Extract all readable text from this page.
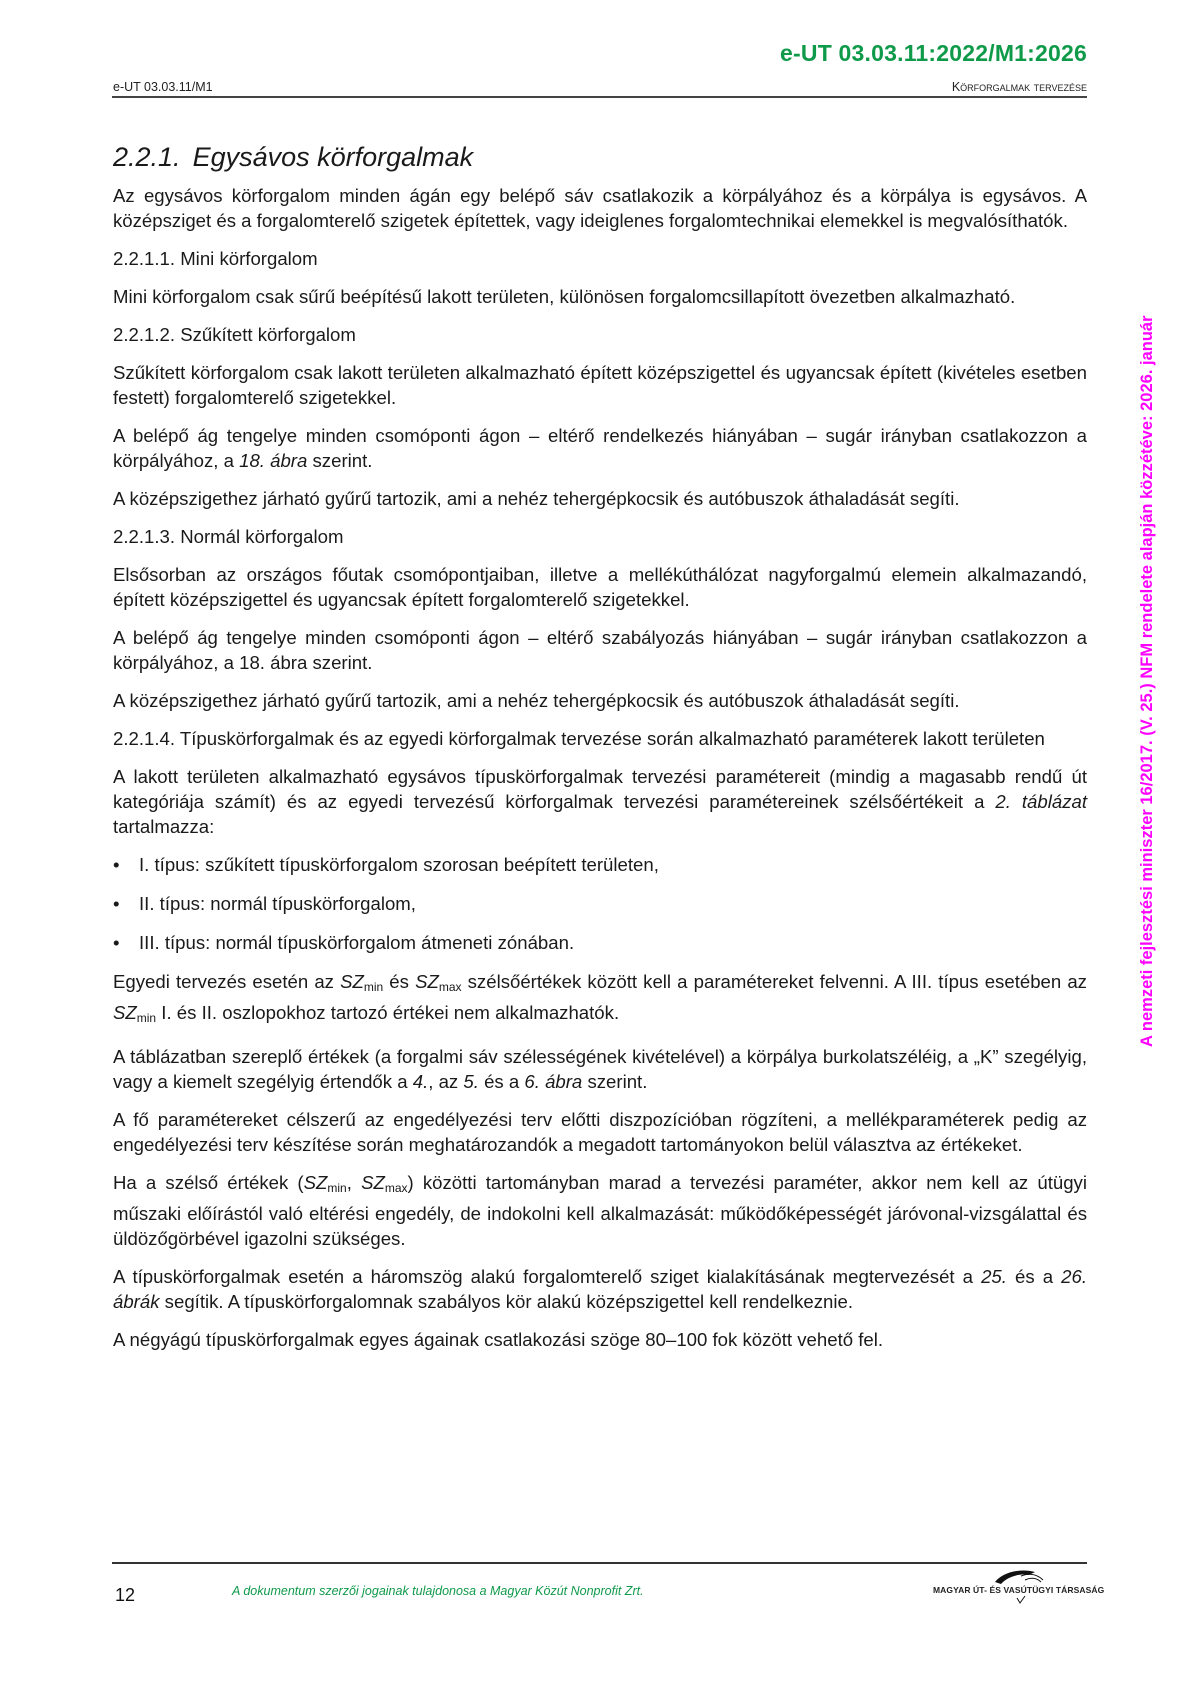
e-UT 03.03.11:2022/M1:2026
e-UT 03.03.11/M1	Körforgalmak tervezése
2.2.1. Egysávos körforgalmak

Az egysávos körforgalom minden ágán egy belépő sáv csatlakozik a körpályához és a körpálya is egysávos. A középsziget és a forgalomterelő szigetek építettek, vagy ideiglenes forgalomtechnikai elemekkel is megvalósíthatók.

2.2.1.1. Mini körforgalom

Mini körforgalom csak sűrű beépítésű lakott területen, különösen forgalomcsillapított övezetben alkalmazható.

2.2.1.2. Szűkített körforgalom

Szűkített körforgalom csak lakott területen alkalmazható épített középszigettel és ugyancsak épített (kivételes esetben festett) forgalomterelő szigetekkel.

A belépő ág tengelye minden csomóponti ágon – eltérő rendelkezés hiányában – sugár irányban csatlakozzon a körpályához, a 18. ábra szerint.

A középszigethez járható gyűrű tartozik, ami a nehéz tehergépkocsik és autóbuszok áthaladását segíti.

2.2.1.3. Normál körforgalom

Elsősorban az országos főutak csomópontjaiban, illetve a mellékúthálózat nagyforgalmú elemein alkalmazandó, épített középszigettel és ugyancsak épített forgalomterelő szigetekkel.

A belépő ág tengelye minden csomóponti ágon – eltérő szabályozás hiányában – sugár irányban csatlakozzon a körpályához, a 18. ábra szerint.

A középszigethez járható gyűrű tartozik, ami a nehéz tehergépkocsik és autóbuszok áthaladását segíti.

2.2.1.4. Típuskörforgalmak és az egyedi körforgalmak tervezése során alkalmazható paraméterek lakott területen

A lakott területen alkalmazható egysávos típuskörforgalmak tervezési paramétereit (mindig a magasabb rendű út kategóriája számít) és az egyedi tervezésű körforgalmak tervezési paramétereinek szélsőértékeit a 2. táblázat tartalmazza:

• I. típus: szűkített típuskörforgalom szorosan beépített területen,
• II. típus: normál típuskörforgalom,
• III. típus: normál típuskörforgalom átmeneti zónában.

Egyedi tervezés esetén az $SZ_{min}$ és $SZ_{max}$ szélsőértékek között kell a paramétereket felvenni. A III. típus esetében az $SZ_{min}$ I. és II. oszlopokhoz tartozó értékei nem alkalmazhatók.

A táblázatban szereplő értékek (a forgalmi sáv szélességének kivételével) a körpálya burkolatszéléig, a „K” szegélyig, vagy a kiemelt szegélyig értendők a 4., az 5. és a 6. ábra szerint.

A fő paramétereket célszerű az engedélyezési terv előtti diszpozícióban rögzíteni, a mellékparaméterek pedig az engedélyezési terv készítése során meghatározandók a megadott tartományokon belül választva az értékeket.

Ha a szélső értékek ($SZ_{min}$, $SZ_{max}$) közötti tartományban marad a tervezési paraméter, akkor nem kell az útügyi műszaki előírástól való eltérési engedély, de indokolni kell alkalmazását: működőképességét járóvonal-vizsgálattal és üldözőgörbével igazolni szükséges.

A típuskörforgalmak esetén a háromszög alakú forgalomterelő sziget kialakításának megtervezését a 25. és a 26. ábrák segítik. A típuskörforgalomnak szabályos kör alakú középszigettel kell rendelkeznie.

A négyágú típuskörforgalmak egyes ágainak csatlakozási szöge 80–100 fok között vehető fel.

A nemzeti fejlesztési miniszter 16/2017. (V. 25.) NFM rendelete alapján közzétéve: 2026. január
12	A dokumentum szerzői jogainak tulajdonosa a Magyar Közút Nonprofit Zrt.	MAGYAR ÚT- ÉS VASÚTÜGYI TÁRSASÁG
